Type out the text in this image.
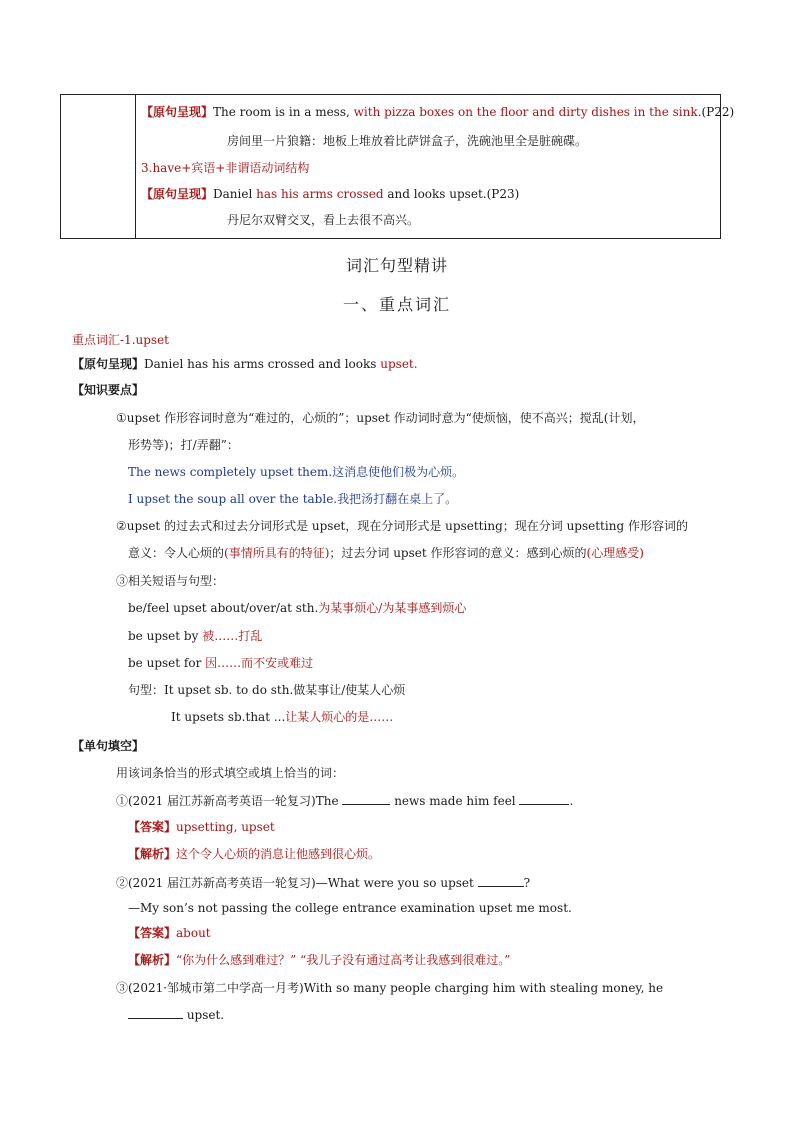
【原句呈现】The room is in a mess, with pizza boxes on the floor and dirty dishes in the sink.(P22)
房间里一片狼籍：地板上堆放着比萨饼盒子，洗碗池里全是脏碗碟。
3.have+宾语+非谓语动词结构
【原句呈现】Daniel has his arms crossed and looks upset.(P23)
丹尼尔双臂交叉，看上去很不高兴。
词汇句型精讲
一、重点词汇
重点词汇-1.upset
【原句呈现】Daniel has his arms crossed and looks upset.
【知识要点】
①upset 作形容词时意为“难过的，心烦的”；upset 作动词时意为“使烦恼，使不高兴；搅乱(计划，
形势等)；打/弄翻”：
The news completely upset them.这消息使他们极为心烦。
I upset the soup all over the table.我把汤打翻在桌上了。
②upset 的过去式和过去分词形式是 upset，现在分词形式是 upsetting；现在分词 upsetting 作形容词的
意义：令人心烦的(事情所具有的特征)；过去分词 upset 作形容词的意义：感到心烦的(心理感受)
③相关短语与句型：
be/feel upset about/over/at sth.为某事烦心/为某事感到烦心
be upset by 被……打乱
be upset for 因……而不安或难过
句型：It upset sb. to do sth.做某事让/使某人心烦
It upsets sb.that ...让某人烦心的是……
【单句填空】
用该词条恰当的形式填空或填上恰当的词：
①(2021 届江苏新高考英语一轮复习)The	news made him feel	.
【答案】upsetting, upset
【解析】这个令人心烦的消息让他感到很心烦。
②(2021 届江苏新高考英语一轮复习)—What were you so upset	?
—My son’s not passing the college entrance examination upset me most.
【答案】about
【解析】“你为什么感到难过？” “我儿子没有通过高考让我感到很难过。”
③(2021·邹城市第二中学高一月考)With so many people charging him with stealing money, he
upset.
